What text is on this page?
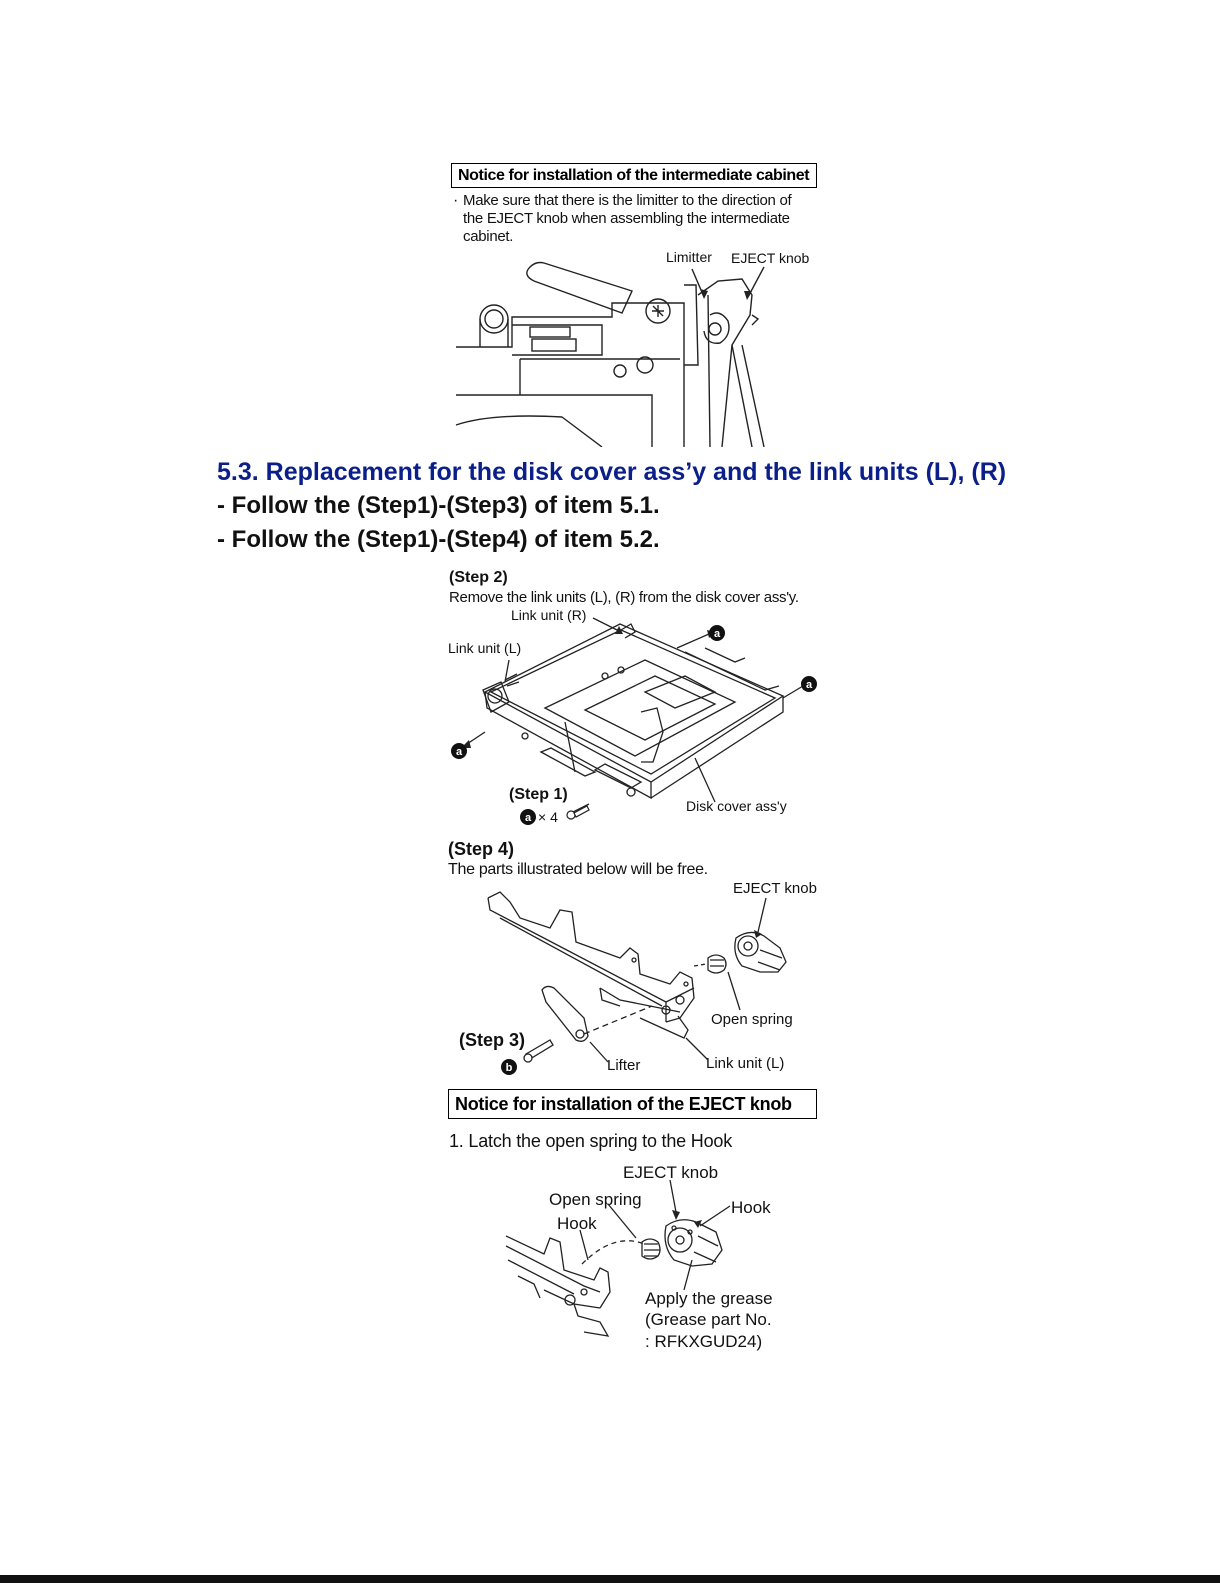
Notice for installation of the intermediate cabinet
· Make sure that there is the limitter to the direction of
the EJECT knob when assembling the intermediate
cabinet.
Limitter EJECT knob
5.3. Replacement for the disk cover ass’y and the link units (L), (R)
- Follow the (Step1)-(Step3) of item 5.1.
- Follow the (Step1)-(Step4) of item 5.2.
(Step 2)
Remove the link units (L), (R) from the disk cover ass'y.
Link unit (R)
Link unit (L)
Disk cover ass'y
(Step 1)
× 4
a
a
a
a
(Step 4)
The parts illustrated below will be free.
EJECT knob
Open spring
(Step 3)
Lifter	Link unit (L)
b
Notice for installation of the EJECT knob
1. Latch the open spring to the Hook
EJECT knob
Open spring	Hook
Hook
Apply the grease
(Grease part No.
: RFKXGUD24)
